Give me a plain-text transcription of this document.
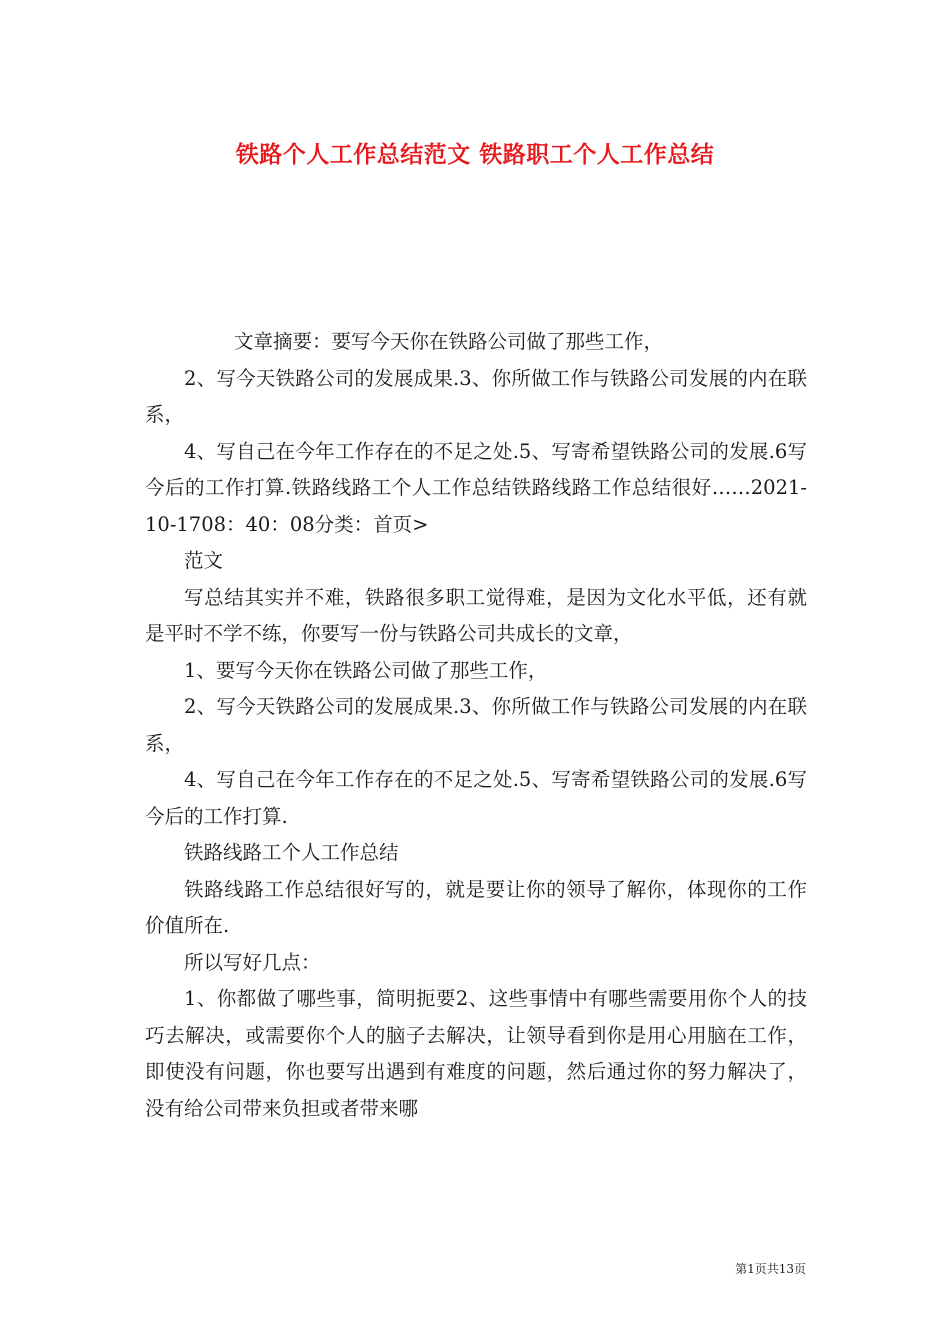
铁路个人工作总结范文 铁路职工个人工作总结

文章摘要：要写今天你在铁路公司做了那些工作，

2、写今天铁路公司的发展成果.3、你所做工作与铁路公司发展的内在联系，

4、写自己在今年工作存在的不足之处.5、写寄希望铁路公司的发展.6写今后的工作打算.铁路线路工个人工作总结铁路线路工作总结很好……2021-10-1708：40：08分类：首页>

范文

写总结其实并不难，铁路很多职工觉得难，是因为文化水平低，还有就是平时不学不练，你要写一份与铁路公司共成长的文章，

1、要写今天你在铁路公司做了那些工作，

2、写今天铁路公司的发展成果.3、你所做工作与铁路公司发展的内在联系，

4、写自己在今年工作存在的不足之处.5、写寄希望铁路公司的发展.6写今后的工作打算.

铁路线路工个人工作总结

铁路线路工作总结很好写的，就是要让你的领导了解你，体现你的工作价值所在.

所以写好几点：

1、你都做了哪些事，简明扼要2、这些事情中有哪些需要用你个人的技巧去解决，或需要你个人的脑子去解决，让领导看到你是用心用脑在工作，即使没有问题，你也要写出遇到有难度的问题，然后通过你的努力解决了，没有给公司带来负担或者带来哪

第1页共13页
